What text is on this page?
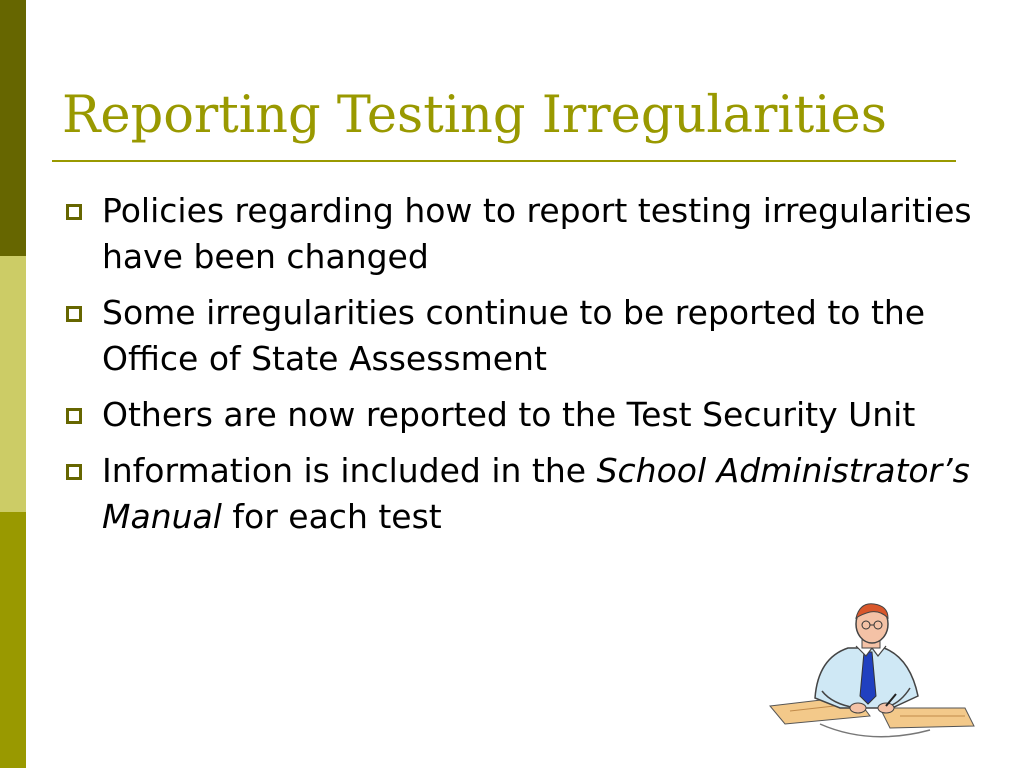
Reporting Testing Irregularities
Policies regarding how to report testing irregularities have been changed
Some irregularities continue to be reported to the Office of State Assessment
Others are now reported to the Test Security Unit
Information is included in the School Administrator’s Manual for each test
